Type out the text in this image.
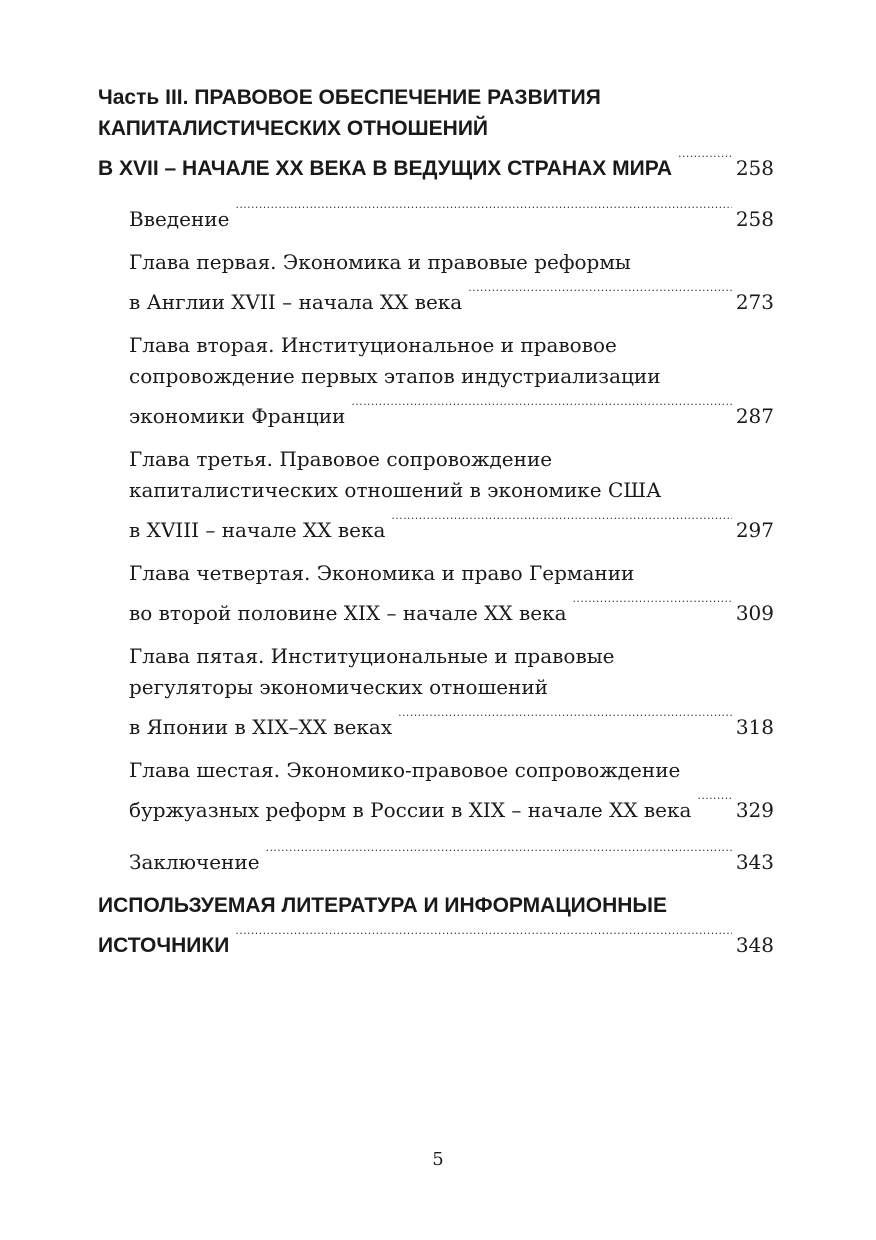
Часть III. ПРАВОВОЕ ОБЕСПЕЧЕНИЕ РАЗВИТИЯ
КАПИТАЛИСТИЧЕСКИХ ОТНОШЕНИЙ
В XVII – НАЧАЛЕ XX ВЕКА В ВЕДУЩИХ СТРАНАХ МИРА .....	258
Введение .....	258
Глава первая. Экономика и правовые реформы
в Англии XVII – начала XX века .....	273
Глава вторая. Институциональное и правовое
сопровождение первых этапов индустриализации
экономики Франции .....	287
Глава третья. Правовое сопровождение
капиталистических отношений в экономике США
в XVIII – начале XX века .....	297
Глава четвертая. Экономика и право Германии
во второй половине XIX – начале XX века .....	309
Глава пятая. Институциональные и правовые
регуляторы экономических отношений
в Японии в XIX–XX веках .....	318
Глава шестая. Экономико-правовое сопровождение
буржуазных реформ в России в XIX – начале XX века ..... 329
Заключение .....	343
ИСПОЛЬЗУЕМАЯ ЛИТЕРАТУРА И ИНФОРМАЦИОННЫЕ
ИСТОЧНИКИ .....	348
5
